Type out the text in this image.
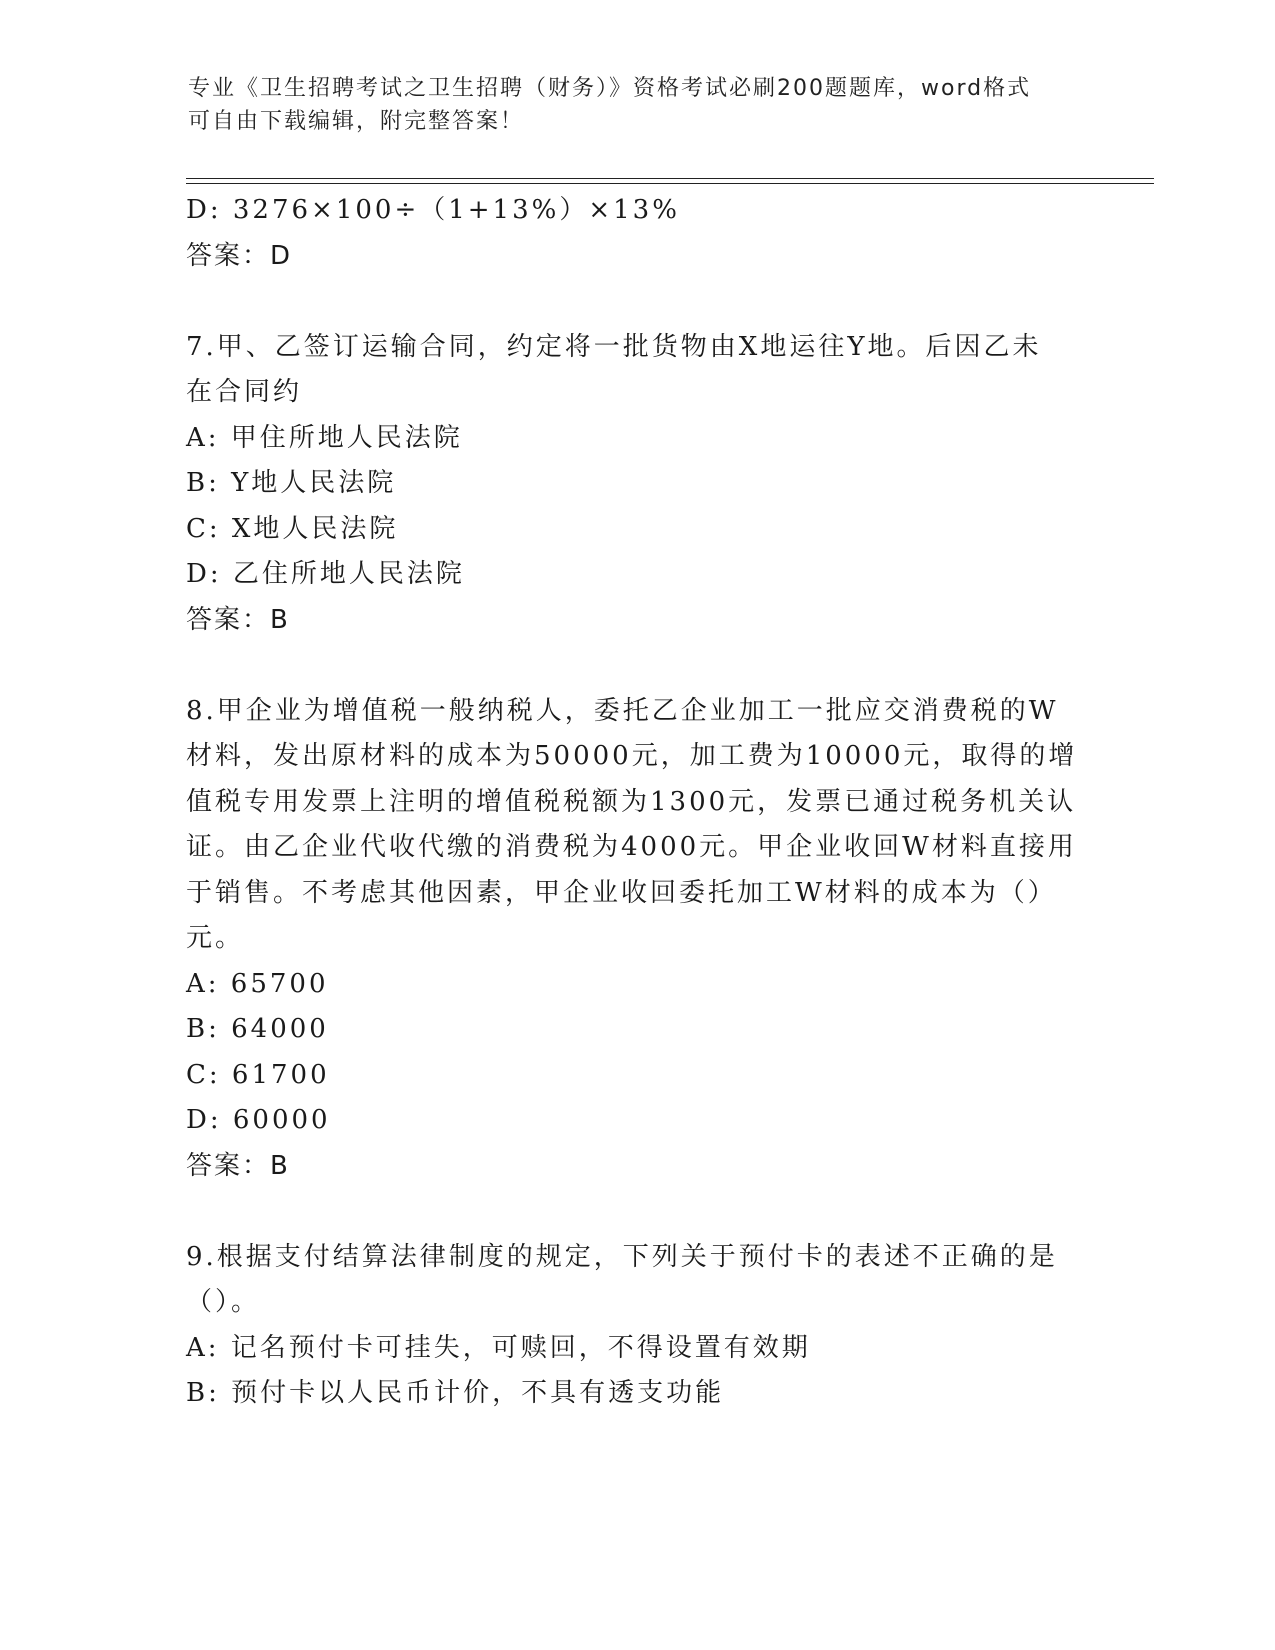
专业《卫生招聘考试之卫生招聘（财务）》资格考试必刷200题题库，word格式
可自由下载编辑，附完整答案！
D: 3276×100÷（1+13%）×13%
答案：D
7.甲、乙签订运输合同，约定将一批货物由X地运往Y地。后因乙未
在合同约
A: 甲住所地人民法院
B: Y地人民法院
C: X地人民法院
D: 乙住所地人民法院
答案：B
8.甲企业为增值税一般纳税人，委托乙企业加工一批应交消费税的W
材料，发出原材料的成本为50000元，加工费为10000元，取得的增
值税专用发票上注明的增值税税额为1300元，发票已通过税务机关认
证。由乙企业代收代缴的消费税为4000元。甲企业收回W材料直接用
于销售。不考虑其他因素，甲企业收回委托加工W材料的成本为（）
元。
A: 65700
B: 64000
C: 61700
D: 60000
答案：B
9.根据支付结算法律制度的规定，下列关于预付卡的表述不正确的是
（）。
A: 记名预付卡可挂失，可赎回，不得设置有效期
B: 预付卡以人民币计价，不具有透支功能
